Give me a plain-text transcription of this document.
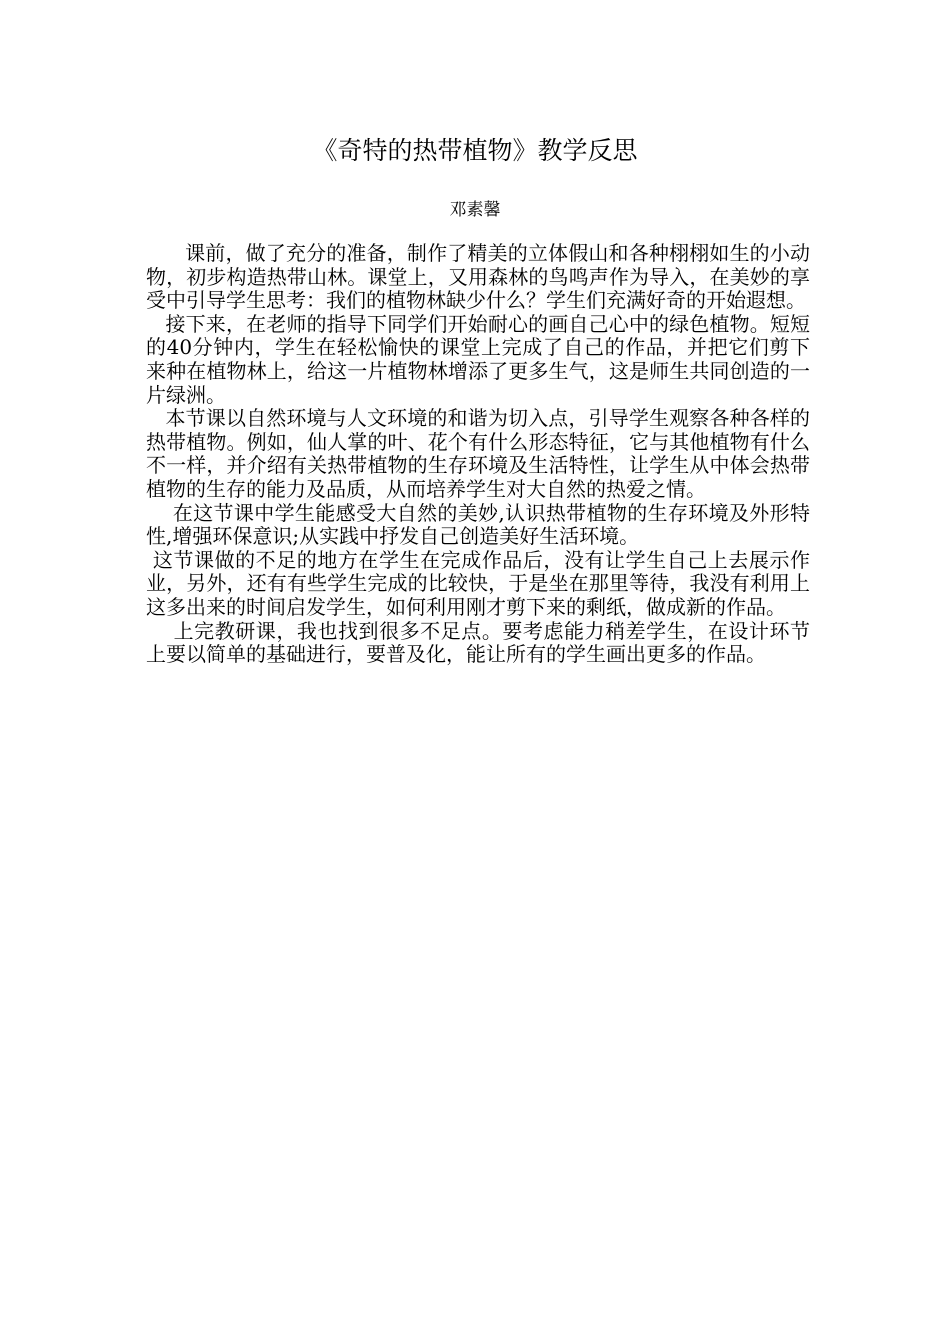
《奇特的热带植物》教学反思
邓素馨

课前，做了充分的准备，制作了精美的立体假山和各种栩栩如生的小动物，初步构造热带山林。课堂上，又用森林的鸟鸣声作为导入，在美妙的享受中引导学生思考：我们的植物林缺少什么？学生们充满好奇的开始遐想。

接下来，在老师的指导下同学们开始耐心的画自己心中的绿色植物。短短的40分钟内，学生在轻松愉快的课堂上完成了自己的作品，并把它们剪下来种在植物林上，给这一片植物林增添了更多生气，这是师生共同创造的一片绿洲。

本节课以自然环境与人文环境的和谐为切入点，引导学生观察各种各样的热带植物。例如，仙人掌的叶、花个有什么形态特征，它与其他植物有什么不一样，并介绍有关热带植物的生存环境及生活特性，让学生从中体会热带植物的生存的能力及品质，从而培养学生对大自然的热爱之情。

在这节课中学生能感受大自然的美妙,认识热带植物的生存环境及外形特性,增强环保意识;从实践中抒发自己创造美好生活环境。

这节课做的不足的地方在学生在完成作品后，没有让学生自己上去展示作业，另外，还有有些学生完成的比较快，于是坐在那里等待，我没有利用上这多出来的时间启发学生，如何利用刚才剪下来的剩纸，做成新的作品。

上完教研课，我也找到很多不足点。要考虑能力稍差学生，在设计环节上要以简单的基础进行，要普及化，能让所有的学生画出更多的作品。
